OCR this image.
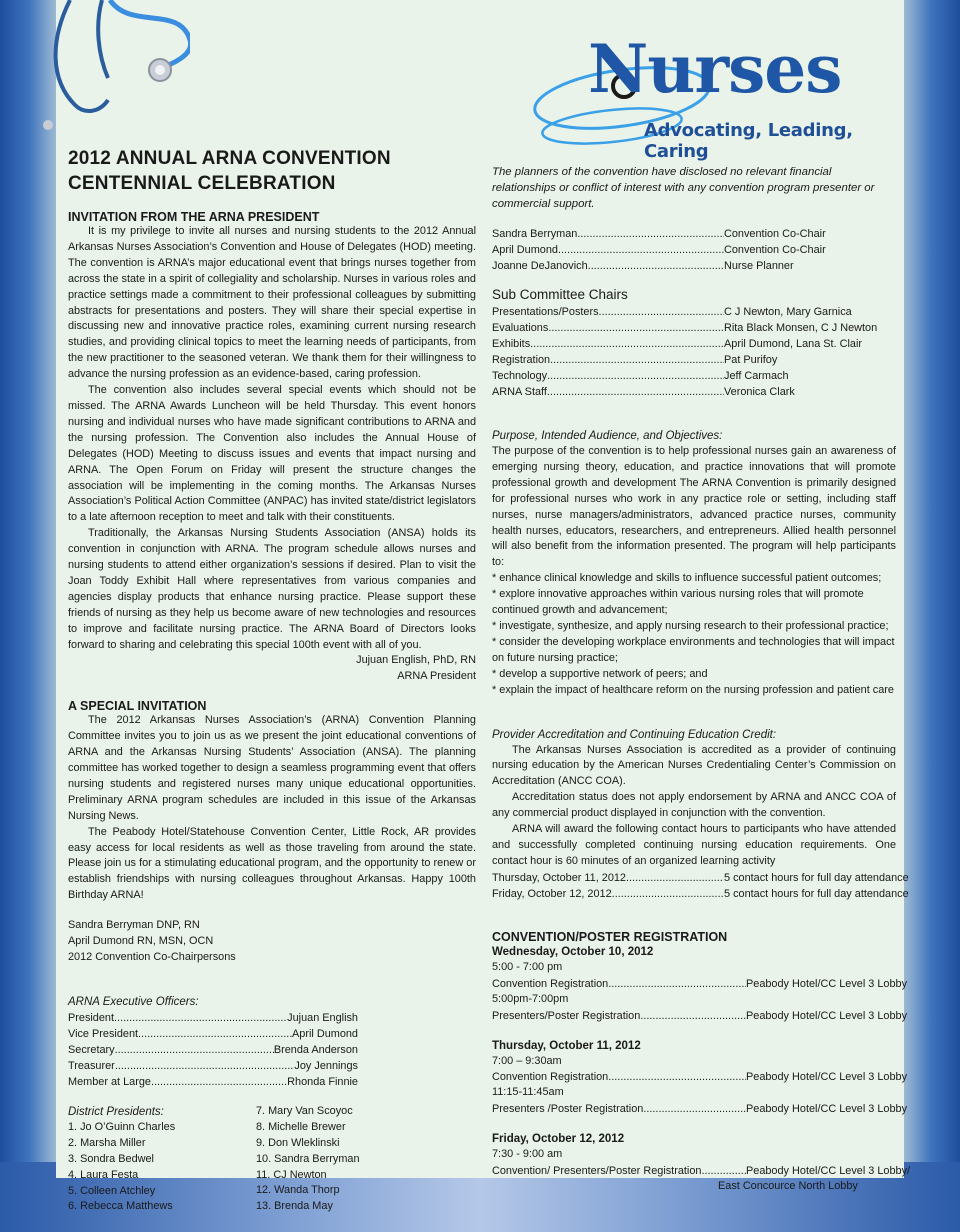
Nurses
Advocating, Leading, Caring
2012 ANNUAL ARNA CONVENTION
CENTENNIAL CELEBRATION
INVITATION FROM THE ARNA PRESIDENT
It is my privilege to invite all nurses and nursing students to the 2012 Annual Arkansas Nurses Association’s Convention and House of Delegates (HOD) meeting. The convention is ARNA’s major educational event that brings nurses together from across the state in a spirit of collegiality and scholarship. Nurses in various roles and practice settings made a commitment to their professional colleagues by submitting abstracts for presentations and posters. They will share their special expertise in discussing new and innovative practice roles, examining current nursing research studies, and providing clinical topics to meet the learning needs of participants, from the new practitioner to the seasoned veteran. We thank them for their willingness to advance the nursing profession as an evidence-based, caring profession.
The convention also includes several special events which should not be missed. The ARNA Awards Luncheon will be held Thursday. This event honors nursing and individual nurses who have made significant contributions to ARNA and the nursing profession. The Convention also includes the Annual House of Delegates (HOD) Meeting to discuss issues and events that impact nursing and ARNA. The Open Forum on Friday will present the structure changes the association will be implementing in the coming months. The Arkansas Nurses Association’s Political Action Committee (ANPAC) has invited state/district legislators to a late afternoon reception to meet and talk with their constituents.
Traditionally, the Arkansas Nursing Students Association (ANSA) holds its convention in conjunction with ARNA. The program schedule allows nurses and nursing students to attend either organization’s sessions if desired. Plan to visit the Joan Toddy Exhibit Hall where representatives from various companies and agencies display products that enhance nursing practice. Please support these friends of nursing as they help us become aware of new technologies and resources to improve and facilitate nursing practice. The ARNA Board of Directors looks forward to sharing and celebrating this special 100th event with all of you.
Jujuan English, PhD, RN
ARNA President
A SPECIAL INVITATION
The 2012 Arkansas Nurses Association’s (ARNA) Convention Planning Committee invites you to join us as we present the joint educational conventions of ARNA and the Arkansas Nursing Students’ Association (ANSA). The planning committee has worked together to design a seamless programming event that offers nursing students and registered nurses many unique educational opportunities. Preliminary ARNA program schedules are included in this issue of the Arkansas Nursing News.
The Peabody Hotel/Statehouse Convention Center, Little Rock, AR provides easy access for local residents as well as those traveling from around the state. Please join us for a stimulating educational program, and the opportunity to renew or establish friendships with nursing colleagues throughout Arkansas. Happy 100th Birthday ARNA!
Sandra Berryman DNP, RN
April Dumond RN, MSN, OCN
2012 Convention Co-Chairpersons
ARNA Executive Officers:
President .....	Jujuan English
Vice President .....	April Dumond
Secretary .....	Brenda Anderson
Treasurer .....	Joy Jennings
Member at Large .....	Rhonda Finnie
District Presidents:
1. Jo O’Guinn Charles
2. Marsha Miller
3. Sondra Bedwel
4. Laura Festa
5. Colleen Atchley
6. Rebecca Matthews
7. Mary Van Scoyoc
8. Michelle Brewer
9. Don Wleklinski
10. Sandra Berryman
11. CJ Newton
12. Wanda Thorp
13. Brenda May
The planners of the convention have disclosed no relevant financial relationships or conflict of interest with any convention program presenter or commercial support.
Sandra Berryman .....	Convention Co-Chair
April Dumond .....	Convention Co-Chair
Joanne DeJanovich .....	Nurse Planner
Sub Committee Chairs
Presentations/Posters .....	C J Newton, Mary Garnica
Evaluations .....	Rita Black Monsen, C J Newton
Exhibits .....	April Dumond, Lana St. Clair
Registration .....	Pat Purifoy
Technology .....	Jeff Carmach
ARNA Staff .....	Veronica Clark
Purpose, Intended Audience, and Objectives:
The purpose of the convention is to help professional nurses gain an awareness of emerging nursing theory, education, and practice innovations that will promote professional growth and development The ARNA Convention is primarily designed for professional nurses who work in any practice role or setting, including staff nurses, nurse managers/administrators, advanced practice nurses, community health nurses, educators, researchers, and entrepreneurs. Allied health personnel will also benefit from the information presented. The program will help participants to:
* enhance clinical knowledge and skills to influence successful patient outcomes;
* explore innovative approaches within various nursing roles that will promote continued growth and advancement;
* investigate, synthesize, and apply nursing research to their professional practice;
* consider the developing workplace environments and technologies that will impact on future nursing practice;
* develop a supportive network of peers; and
* explain the impact of healthcare reform on the nursing profession and patient care
Provider Accreditation and Continuing Education Credit:
The Arkansas Nurses Association is accredited as a provider of continuing nursing education by the American Nurses Credentialing Center’s Commission on Accreditation (ANCC COA).
Accreditation status does not apply endorsement by ARNA and ANCC COA of any commercial product displayed in conjunction with the convention.
ARNA will award the following contact hours to participants who have attended and successfully completed continuing nursing education requirements. One contact hour is 60 minutes of an organized learning activity
Thursday, October 11, 2012 .....	5 contact hours for full day attendance
Friday, October 12, 2012 .....	5 contact hours for full day attendance
CONVENTION/POSTER REGISTRATION
Wednesday, October 10, 2012
5:00 - 7:00 pm
Convention Registration .....	Peabody Hotel/CC Level 3 Lobby
5:00pm-7:00pm
Presenters/Poster Registration .....	Peabody Hotel/CC Level 3 Lobby
Thursday, October 11, 2012
7:00 – 9:30am
Convention Registration .....	Peabody Hotel/CC Level 3 Lobby
11:15-11:45am
Presenters /Poster Registration .....	Peabody Hotel/CC Level 3 Lobby
Friday, October 12, 2012
7:30 - 9:00 am
Convention/ Presenters/Poster Registration .....	Peabody Hotel/CC Level 3 Lobby/
East Concource North Lobby
